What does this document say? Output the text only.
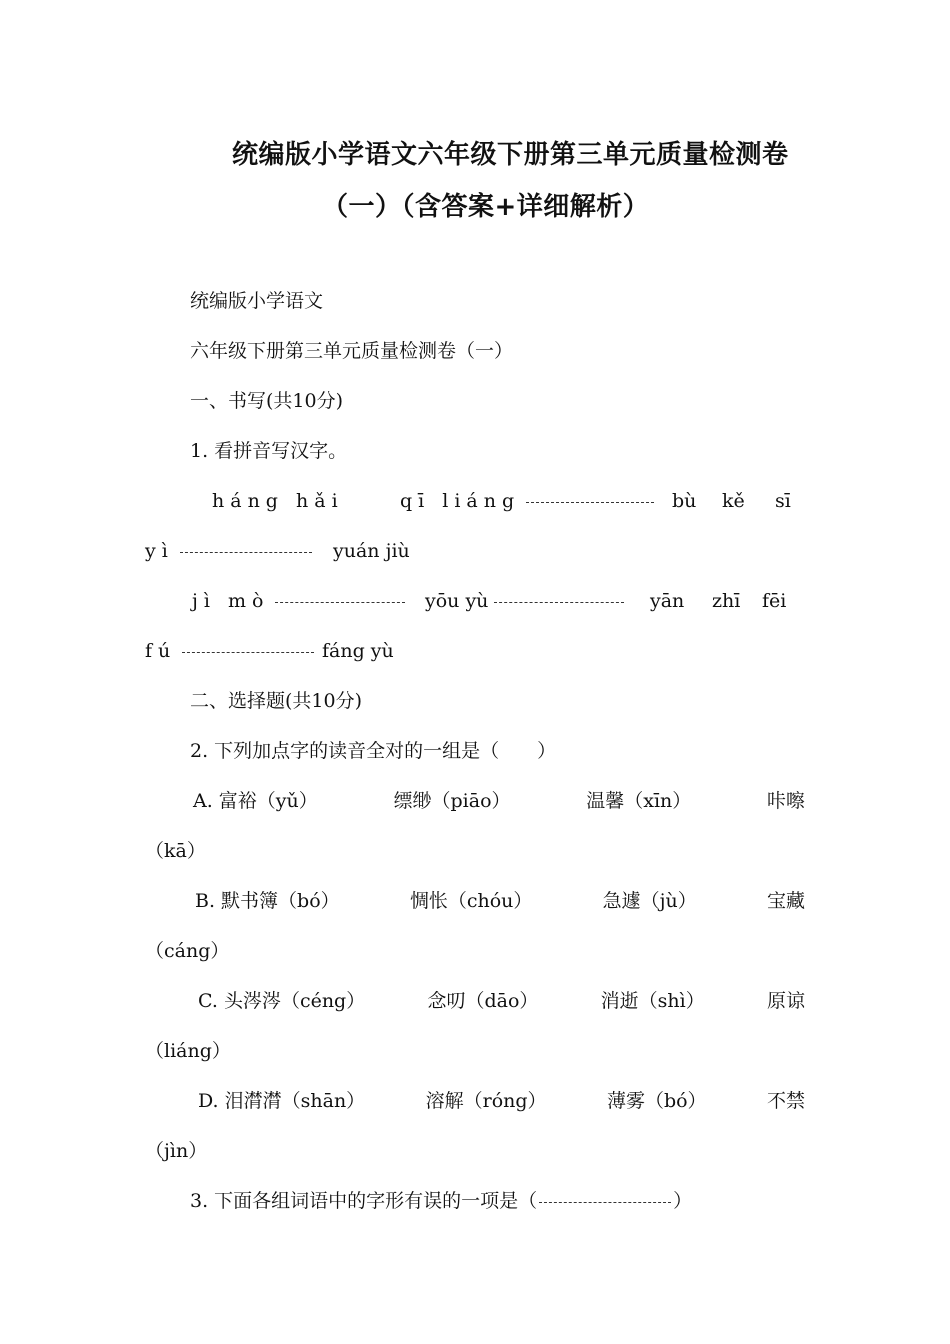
统编版小学语文六年级下册第三单元质量检测卷
（一）（含答案+详细解析）
统编版小学语文
六年级下册第三单元质量检测卷（一）
一、书写(共10分)
1. 看拼音写汉字。
háng hǎi	qī liáng	bù kě sī
yì	yuán jiù
jì mò	yōu yù	yān zhī fēi
fú	fáng yù
二、选择题(共10分)
2. 下列加点字的读音全对的一组是（　　）
A. 富裕（yǔ）	缥缈（piāo）	温馨（xīn）	咔嚓
（kā）
B. 默书簿（bó）	惆怅（chóu）	急遽（jù）	宝藏
（cáng）
C. 头涔涔（céng）	念叨（dāo）	消逝（shì）	原谅
（liáng）
D. 泪潸潸（shān）	溶解（róng）	薄雾（bó）	不禁
（jìn）
3. 下面各组词语中的字形有误的一项是（	）
